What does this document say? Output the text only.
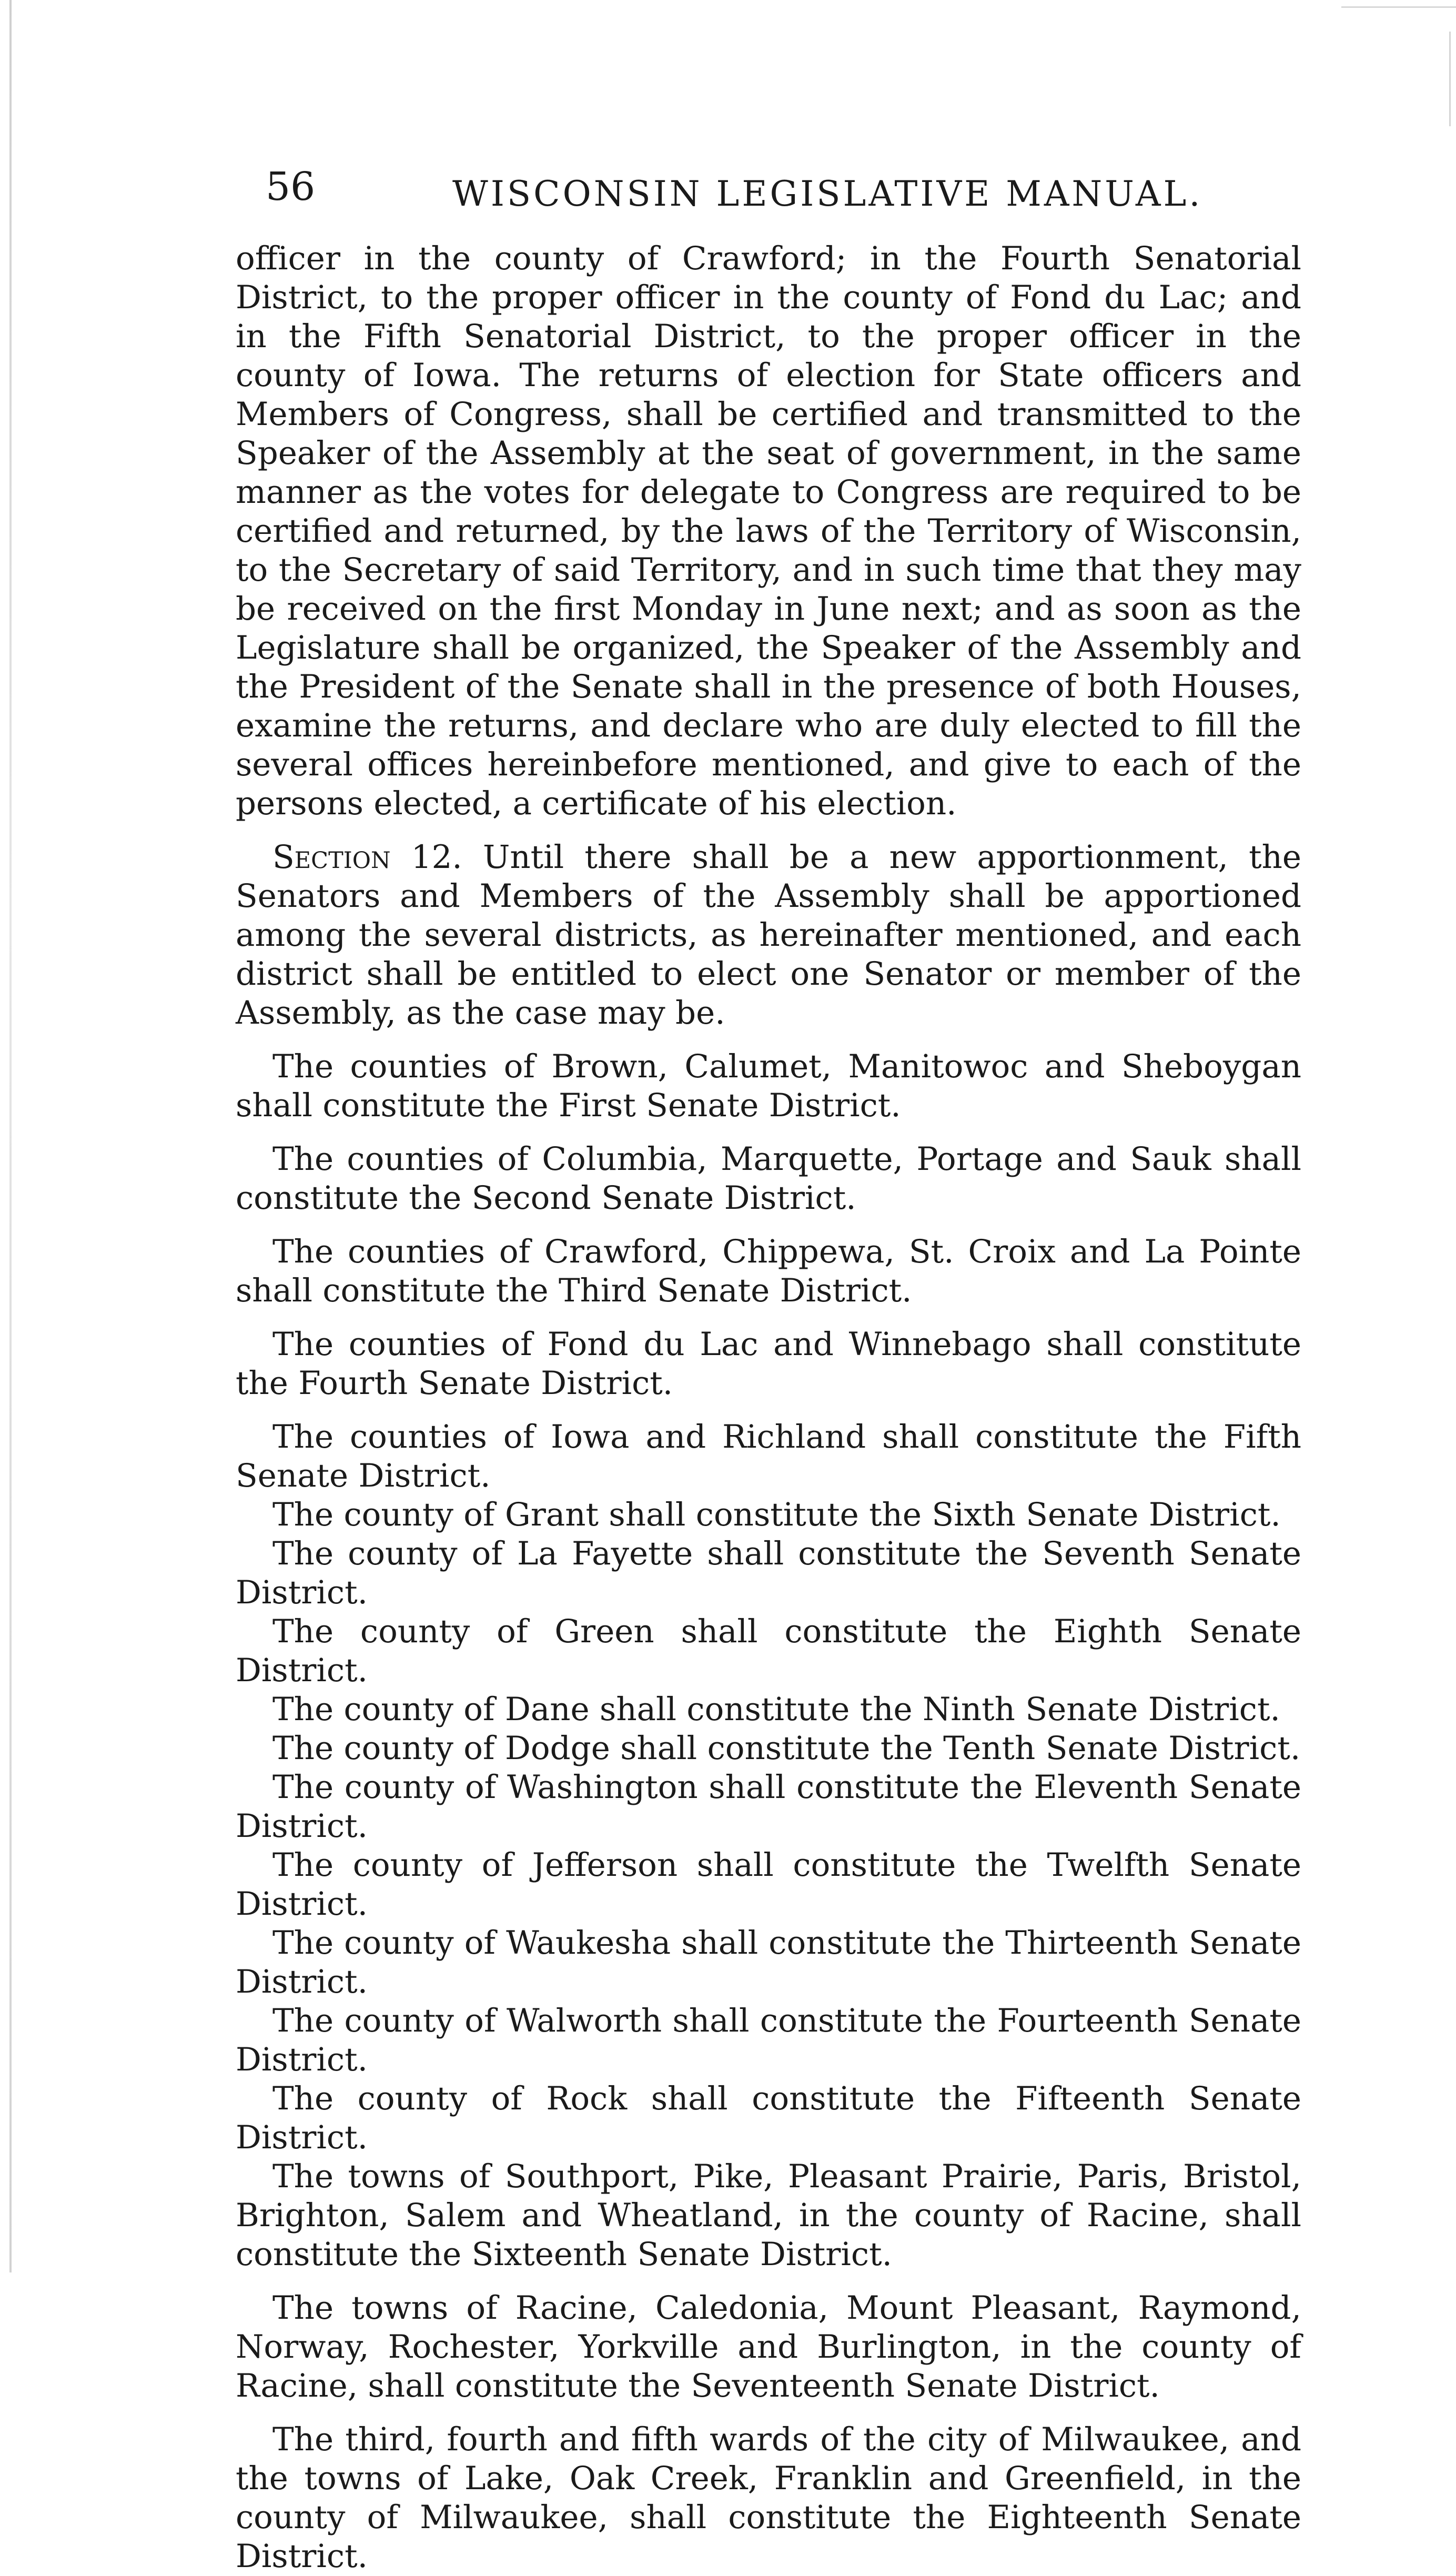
56	WISCONSIN LEGISLATIVE MANUAL.

officer in the county of Crawford; in the Fourth Senatorial District, to the proper officer in the county of Fond du Lac; and in the Fifth Senatorial District, to the proper officer in the county of Iowa. The returns of election for State officers and Members of Congress, shall be certified and transmitted to the Speaker of the Assembly at the seat of government, in the same manner as the votes for delegate to Congress are required to be certified and returned, by the laws of the Territory of Wisconsin, to the Secretary of said Territory, and in such time that they may be received on the first Monday in June next; and as soon as the Legislature shall be organized, the Speaker of the Assembly and the President of the Senate shall in the presence of both Houses, examine the returns, and declare who are duly elected to fill the several offices hereinbefore mentioned, and give to each of the persons elected, a certificate of his election.

Section 12. Until there shall be a new apportionment, the Senators and Members of the Assembly shall be apportioned among the several districts, as hereinafter mentioned, and each district shall be entitled to elect one Senator or member of the Assembly, as the case may be.

The counties of Brown, Calumet, Manitowoc and Sheboygan shall constitute the First Senate District.

The counties of Columbia, Marquette, Portage and Sauk shall constitute the Second Senate District.

The counties of Crawford, Chippewa, St. Croix and La Pointe shall constitute the Third Senate District.

The counties of Fond du Lac and Winnebago shall constitute the Fourth Senate District.

The counties of Iowa and Richland shall constitute the Fifth Senate District.

The county of Grant shall constitute the Sixth Senate District.

The county of La Fayette shall constitute the Seventh Senate District.

The county of Green shall constitute the Eighth Senate District.

The county of Dane shall constitute the Ninth Senate District.

The county of Dodge shall constitute the Tenth Senate District.

The county of Washington shall constitute the Eleventh Senate District.

The county of Jefferson shall constitute the Twelfth Senate District.

The county of Waukesha shall constitute the Thirteenth Senate District.

The county of Walworth shall constitute the Fourteenth Senate District.

The county of Rock shall constitute the Fifteenth Senate District.

The towns of Southport, Pike, Pleasant Prairie, Paris, Bristol, Brighton, Salem and Wheatland, in the county of Racine, shall constitute the Sixteenth Senate District.

The towns of Racine, Caledonia, Mount Pleasant, Raymond, Norway, Rochester, Yorkville and Burlington, in the county of Racine, shall constitute the Seventeenth Senate District.

The third, fourth and fifth wards of the city of Milwaukee, and the towns of Lake, Oak Creek, Franklin and Greenfield, in the county of Milwaukee, shall constitute the Eighteenth Senate District.
